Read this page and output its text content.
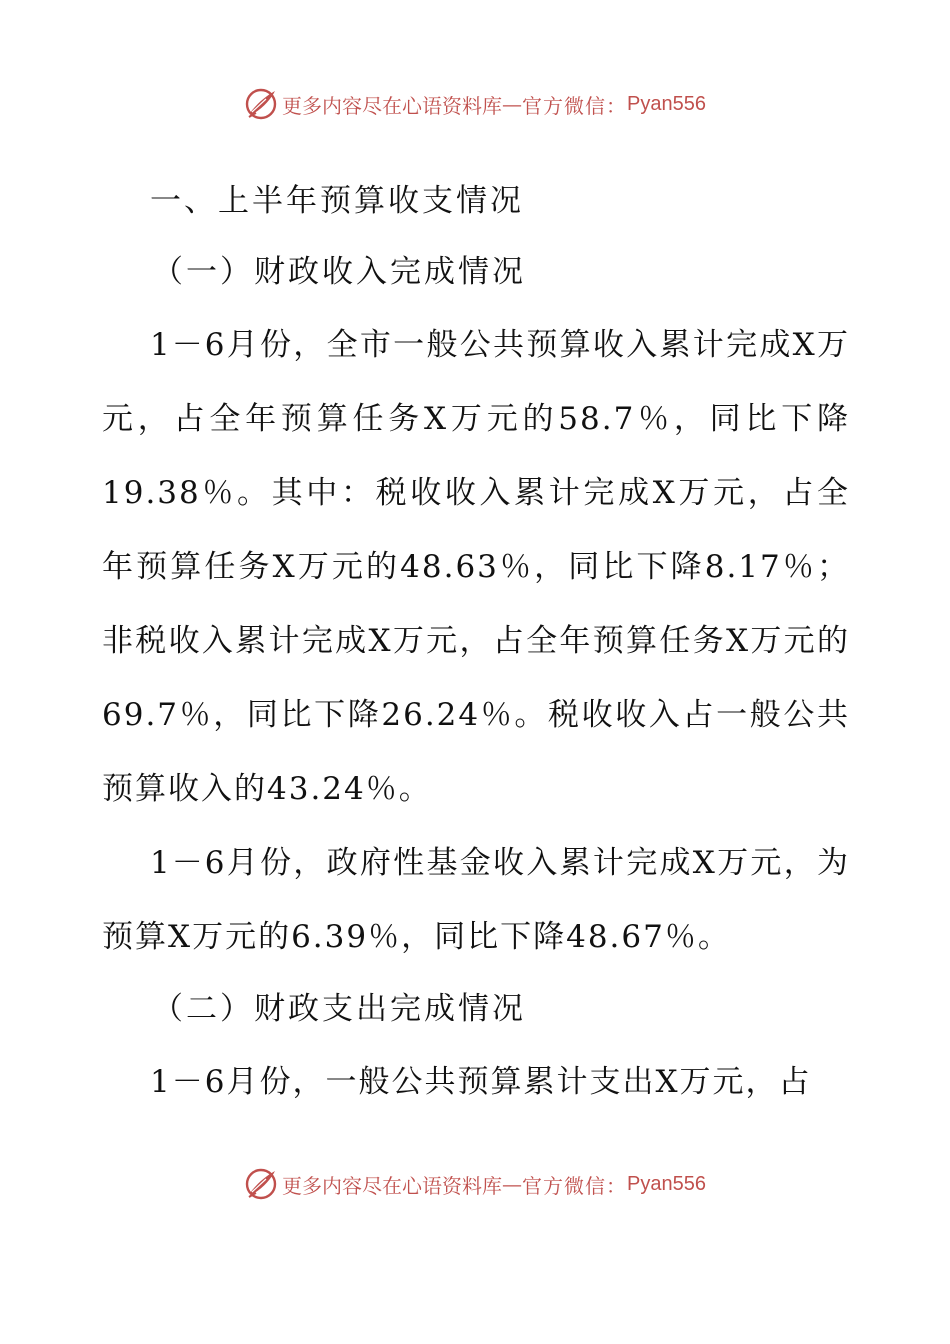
更多内容尽在心语资料库 — 官方微信： Pyan556
一、上半年预算收支情况
（一）财政收入完成情况

1－6月份，全市一般公共预算收入累计完成X万元，占全年预算任务X万元的58.7％，同比下降19.38％。其中：税收收入累计完成X万元，占全年预算任务X万元的48.63％，同比下降8.17％；非税收入累计完成X万元，占全年预算任务X万元的69.7％，同比下降26.24％。税收收入占一般公共预算收入的43.24％。

1－6月份，政府性基金收入累计完成X万元，为预算X万元的6.39％，同比下降48.67％。

（二）财政支出完成情况

1－6月份，一般公共预算累计支出X万元，占

更多内容尽在心语资料库 — 官方微信： Pyan556
